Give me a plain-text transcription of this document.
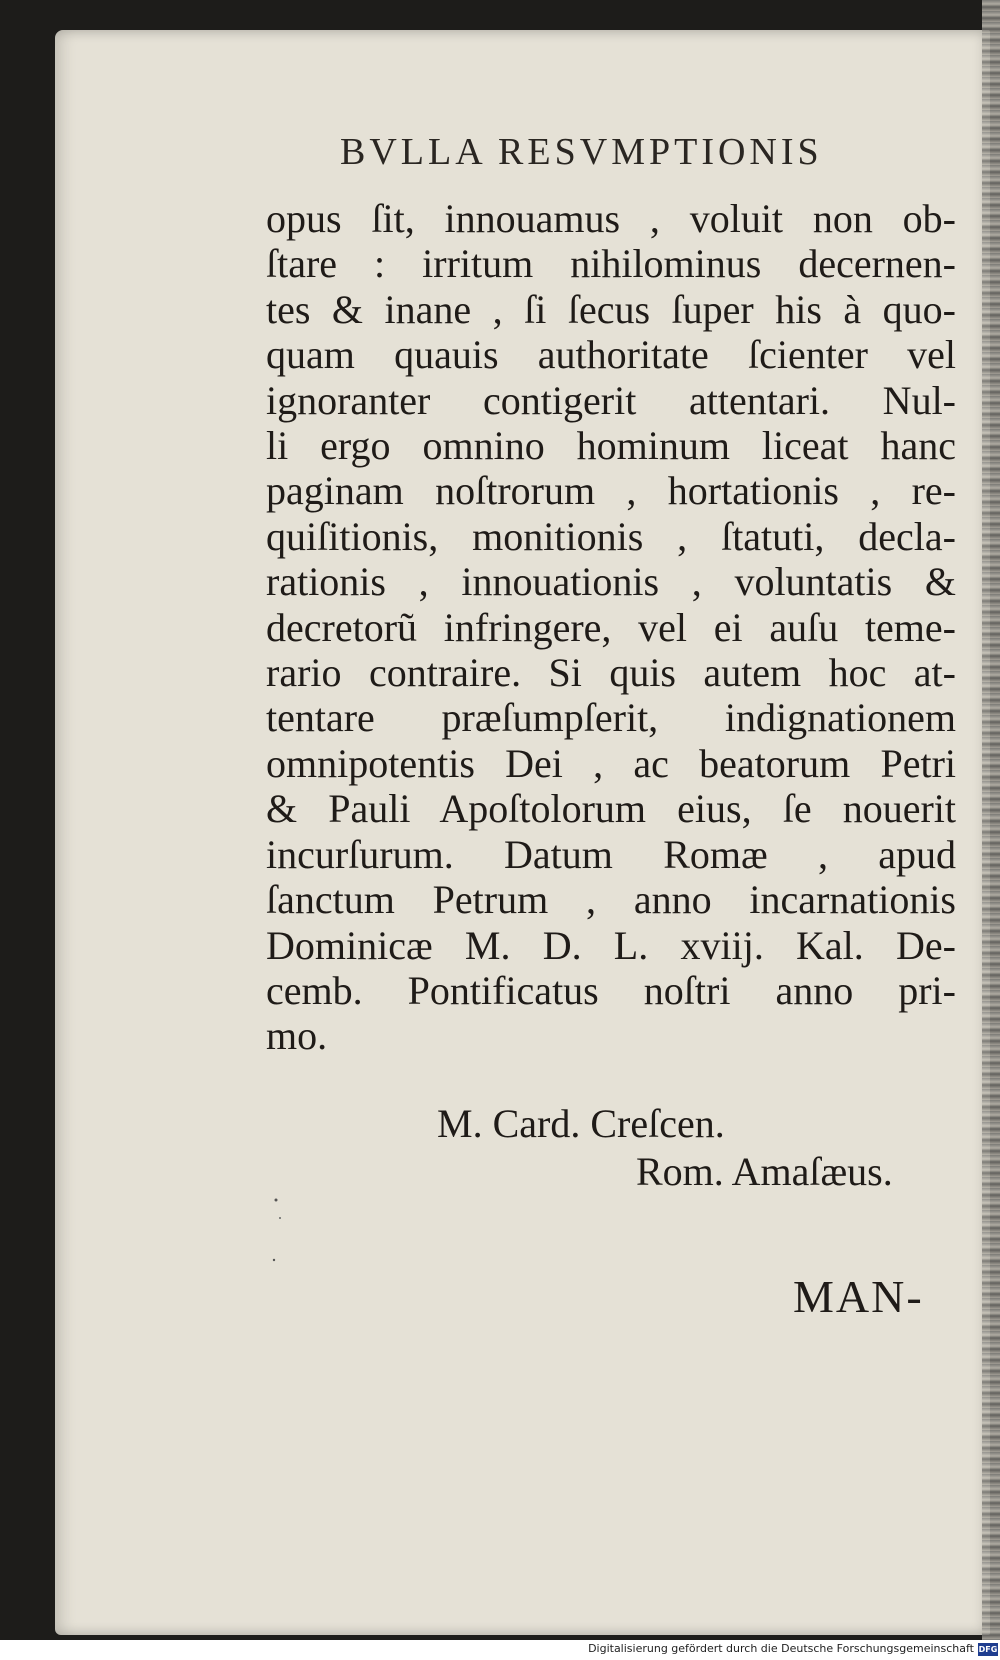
BVLLA RESVMPTIONIS
opus ſit, innouamus , voluit non ob-
ſtare : irritum nihilominus decernen-
tes & inane , ſi ſecus ſuper his à quo-
quam quauis authoritate ſcienter vel
ignoranter contigerit attentari. Nul-
li ergo omnino hominum liceat hanc
paginam noſtrorum , hortationis , re-
quiſitionis, monitionis , ſtatuti, decla-
rationis , innouationis , voluntatis &
decretorũ infringere, vel ei auſu teme-
rario contraire. Si quis autem hoc at-
tentare præſumpſerit, indignationem
omnipotentis Dei , ac beatorum Petri
& Pauli Apoſtolorum eius, ſe nouerit
incurſurum. Datum Romæ , apud
ſanctum Petrum , anno incarnationis
Dominicæ M. D. L. xviij. Kal. De-
cemb. Pontificatus noſtri anno pri-
mo.
M. Card. Creſcen.
Rom. Amaſæus.
MAN-
Digitalisierung gefördert durch die Deutsche Forschungsgemeinschaft DFG
